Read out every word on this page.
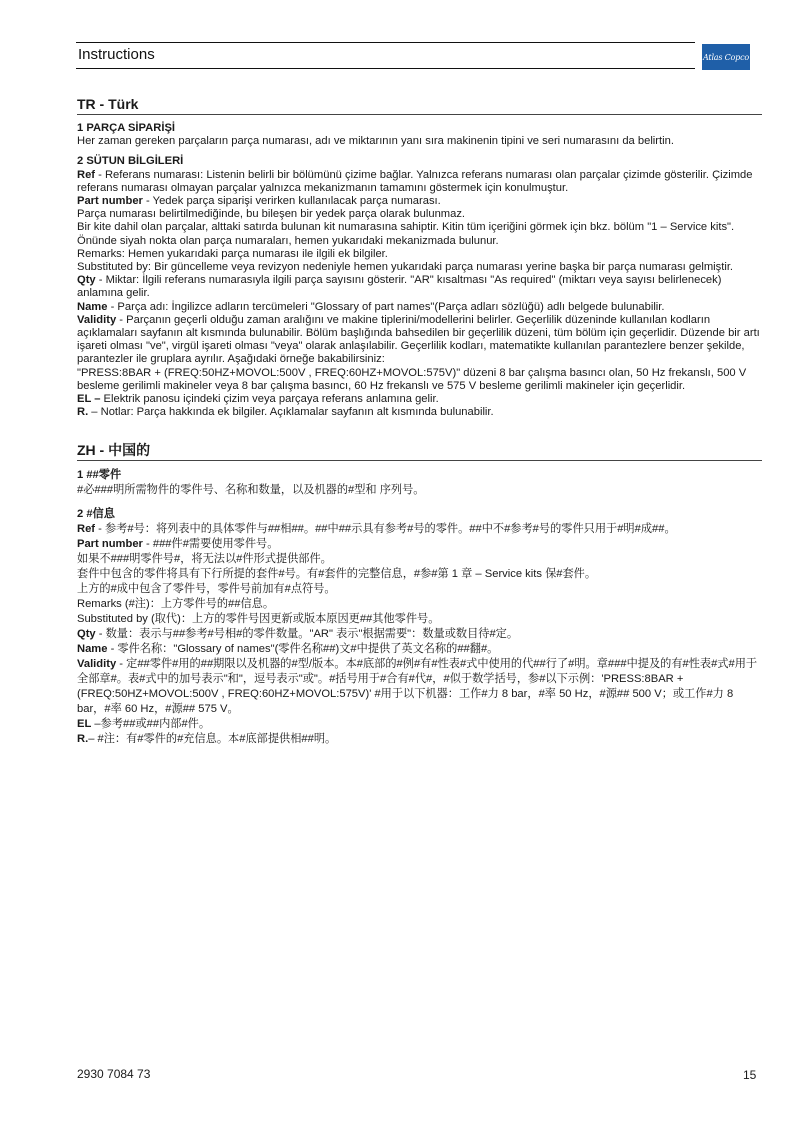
Instructions	Atlas Copco
TR - Türk
1 PARÇA SİPARİŞİ

Her zaman gereken parçaların parça numarası, adı ve miktarının yanı sıra makinenin tipini ve seri numarasını da belirtin.

2 SÜTUN BİLGİLERİ

Ref - Referans numarası: Listenin belirli bir bölümünü çizime bağlar. Yalnızca referans numarası olan parçalar çizimde gösterilir. Çizimde referans numarası olmayan parçalar yalnızca mekanizmanın tamamını göstermek için konulmuştur.

Part number - Yedek parça siparişi verirken kullanılacak parça numarası.

Parça numarası belirtilmediğinde, bu bileşen bir yedek parça olarak bulunmaz.

Bir kite dahil olan parçalar, alttaki satırda bulunan kit numarasına sahiptir. Kitin tüm içeriğini görmek için bkz. bölüm "1 – Service kits".

Önünde siyah nokta olan parça numaraları, hemen yukarıdaki mekanizmada bulunur.

Remarks: Hemen yukarıdaki parça numarası ile ilgili ek bilgiler.

Substituted by: Bir güncelleme veya revizyon nedeniyle hemen yukarıdaki parça numarası yerine başka bir parça numarası gelmiştir.

Qty - Miktar: İlgili referans numarasıyla ilgili parça sayısını gösterir. "AR" kısaltması "As required" (miktarı veya sayısı belirlenecek) anlamına gelir.

Name - Parça adı: İngilizce adların tercümeleri "Glossary of part names"(Parça adları sözlüğü) adlı belgede bulunabilir.

Validity - Parçanın geçerli olduğu zaman aralığını ve makine tiplerini/modellerini belirler. Geçerlilik düzeninde kullanılan kodların açıklamaları sayfanın alt kısmında bulunabilir. Bölüm başlığında bahsedilen bir geçerlilik düzeni, tüm bölüm için geçerlidir. Düzende bir artı işareti olması "ve", virgül işareti olması "veya" olarak anlaşılabilir. Geçerlilik kodları, matematikte kullanılan parantezlere benzer şekilde, parantezler ile gruplara ayrılır. Aşağıdaki örneğe bakabilirsiniz:

"PRESS:8BAR + (FREQ:50HZ+MOVOL:500V , FREQ:60HZ+MOVOL:575V)" düzeni 8 bar çalışma basıncı olan, 50 Hz frekanslı, 500 V besleme gerilimli makineler veya 8 bar çalışma basıncı, 60 Hz frekanslı ve 575 V besleme gerilimli makineler için geçerlidir.

EL – Elektrik panosu içindeki çizim veya parçaya referans anlamına gelir.

R. – Notlar: Parça hakkında ek bilgiler. Açıklamalar sayfanın alt kısmında bulunabilir.

ZH - 中国的
1 ##零件

#必###明所需物件的零件号、名称和数量，以及机器的#型和 序列号。

2 #信息

Ref - 参考#号：将列表中的具体零件与##相##。##中##示具有参考#号的零件。##中不#参考#号的零件只用于#明#成##。

Part number - ###件#需要使用零件号。

如果不###明零件号#，将无法以#件形式提供部件。

套件中包含的零件将具有下行所提的套件#号。有#套件的完整信息，#参#第 1 章 – Service kits 保#套件。

上方的#成中包含了零件号，零件号前加有#点符号。

Remarks (#注)：上方零件号的##信息。

Substituted by (取代)：上方的零件号因更新或版本原因更##其他零件号。

Qty - 数量：表示与##参考#号相#的零件数量。"AR" 表示"根据需要"：数量或数目待#定。

Name - 零件名称："Glossary of names"(零件名称##)文#中提供了英文名称的##翻#。

Validity - 定##零件#用的##期限以及机器的#型/版本。本#底部的#例#有#性表#式中使用的代##行了#明。章###中提及的有#性表#式#用于全部章#。表#式中的加号表示"和"，逗号表示"或"。#括号用于#合有#代#，#似于数学括号，参#以下示例：'PRESS:8BAR + (FREQ:50HZ+MOVOL:500V , FREQ:60HZ+MOVOL:575V)' #用于以下机器：工作#力 8 bar，#率 50 Hz，#源## 500 V；或工作#力 8 bar，#率 60 Hz，#源## 575 V。

EL –参考##或##内部#件。

R.– #注：有#零件的#充信息。本#底部提供相##明。

2930 7084 73	15
